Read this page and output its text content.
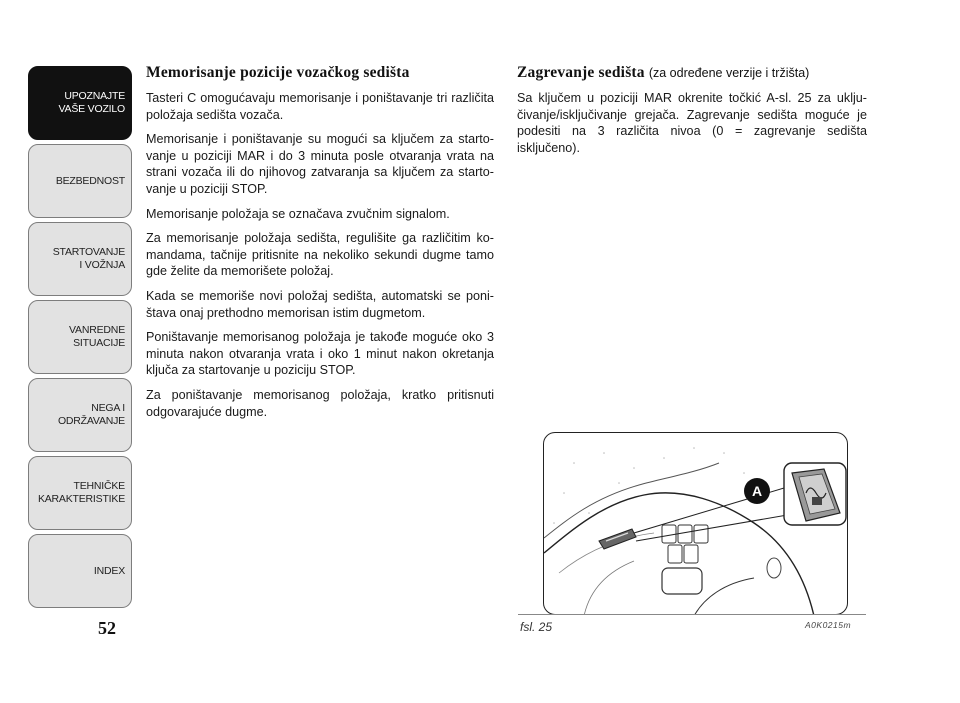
UPOZNAJTE
VAŠE VOZILO
BEZBEDNOST
STARTOVANJE
I VOŽNJA
VANREDNE
SITUACIJE
NEGA I
ODRŽAVANJE
TEHNIČKE
KARAKTERISTIKE
INDEX
52
Memorisanje pozicije vozačkog sedišta

Tasteri C omogućavaju memorisanje i poništavanje tri različita položaja sedišta vozača.

Memorisanje i poništavanje su mogući sa ključem za starto-vanje u poziciji MAR i do 3 minuta posle otvaranja vrata na strani vozača ili do njihovog zatvaranja sa ključem za starto-vanje u poziciji STOP.

Memorisanje položaja se označava zvučnim signalom.

Za memorisanje položaja sedišta, regulišite ga različitim ko-mandama, tačnije pritisnite na nekoliko sekundi dugme tamo gde želite da memorišete položaj.

Kada se memoriše novi položaj sedišta, automatski se poni-štava onaj prethodno memorisan istim dugmetom.

Poništavanje memorisanog položaja je takođe moguće oko 3 minuta nakon otvaranja vrata i oko 1 minut nakon okretanja ključa za startovanje u poziciju STOP.

Za poništavanje memorisanog položaja, kratko pritisnuti odgovarajuće dugme.

Zagrevanje sedišta (za određene verzije i tržišta)

Sa ključem u poziciji MAR okrenite točkić A-sl. 25 za uklju-čivanje/isključivanje grejača. Zagrevanje sedišta moguće je podesiti na 3 različita nivoa (0 = zagrevanje sedišta isključeno).

A
fsl. 25	A0K0215m
